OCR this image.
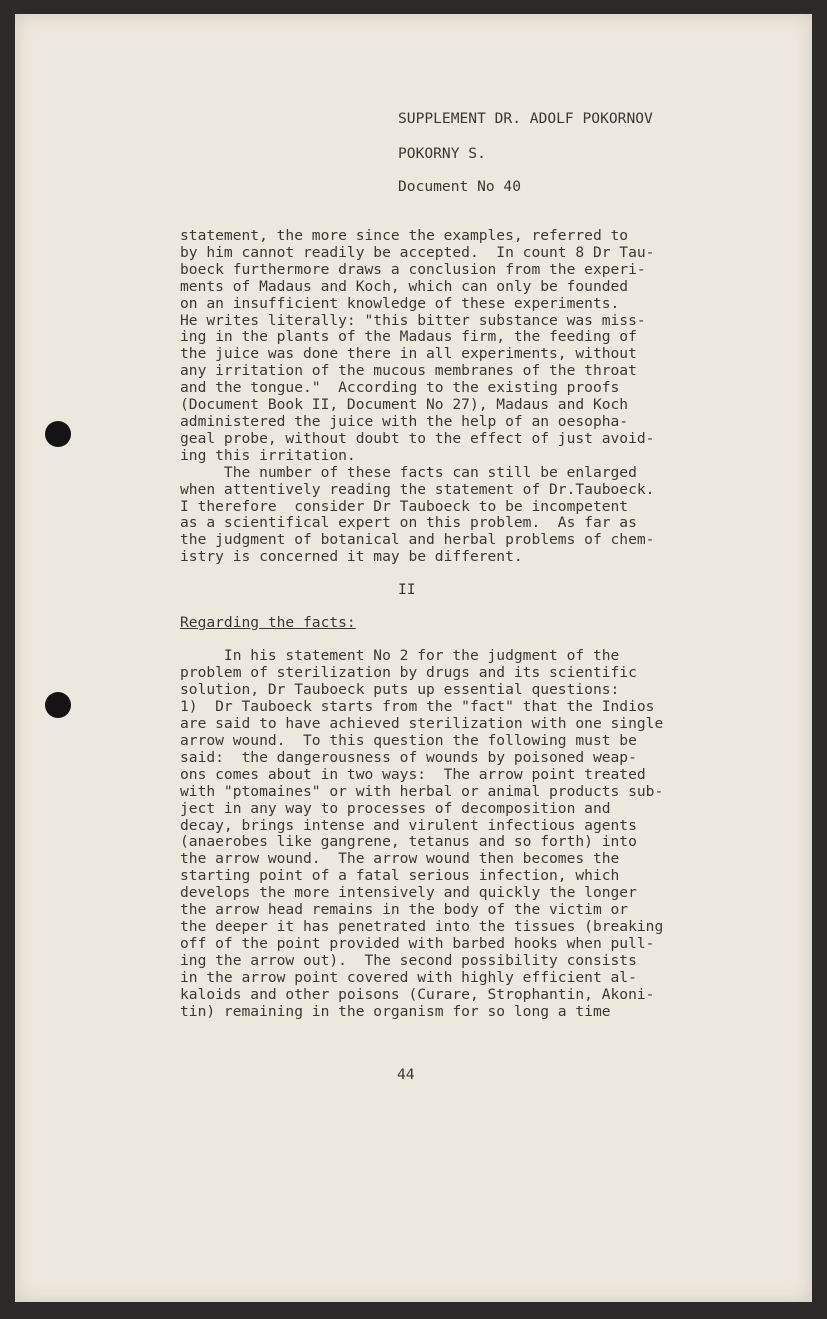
SUPPLEMENT DR. ADOLF POKORNOV
POKORNY S.
Document No 40
statement, the more since the examples, referred to
by him cannot readily be accepted.  In count 8 Dr Tau-
boeck furthermore draws a conclusion from the experi-
ments of Madaus and Koch, which can only be founded
on an insufficient knowledge of these experiments.
He writes literally: "this bitter substance was miss-
ing in the plants of the Madaus firm, the feeding of
the juice was done there in all experiments, without
any irritation of the mucous membranes of the throat
and the tongue."  According to the existing proofs
(Document Book II, Document No 27), Madaus and Koch
administered the juice with the help of an oesopha-
geal probe, without doubt to the effect of just avoid-
ing this irritation.
The number of these facts can still be enlarged
when attentively reading the statement of Dr.Tauboeck.
I therefore  consider Dr Tauboeck to be incompetent
as a scientifical expert on this problem.  As far as
the judgment of botanical and herbal problems of chem-
istry is concerned it may be different.
II
Regarding the facts:
In his statement No 2 for the judgment of the
problem of sterilization by drugs and its scientific
solution, Dr Tauboeck puts up essential questions:
1)  Dr Tauboeck starts from the "fact" that the Indios
are said to have achieved sterilization with one single
arrow wound.  To this question the following must be
said:  the dangerousness of wounds by poisoned weap-
ons comes about in two ways:  The arrow point treated
with "ptomaines" or with herbal or animal products sub-
ject in any way to processes of decomposition and
decay, brings intense and virulent infectious agents
(anaerobes like gangrene, tetanus and so forth) into
the arrow wound.  The arrow wound then becomes the
starting point of a fatal serious infection, which
develops the more intensively and quickly the longer
the arrow head remains in the body of the victim or
the deeper it has penetrated into the tissues (breaking
off of the point provided with barbed hooks when pull-
ing the arrow out).  The second possibility consists
in the arrow point covered with highly efficient al-
kaloids and other poisons (Curare, Strophantin, Akoni-
tin) remaining in the organism for so long a time
44
